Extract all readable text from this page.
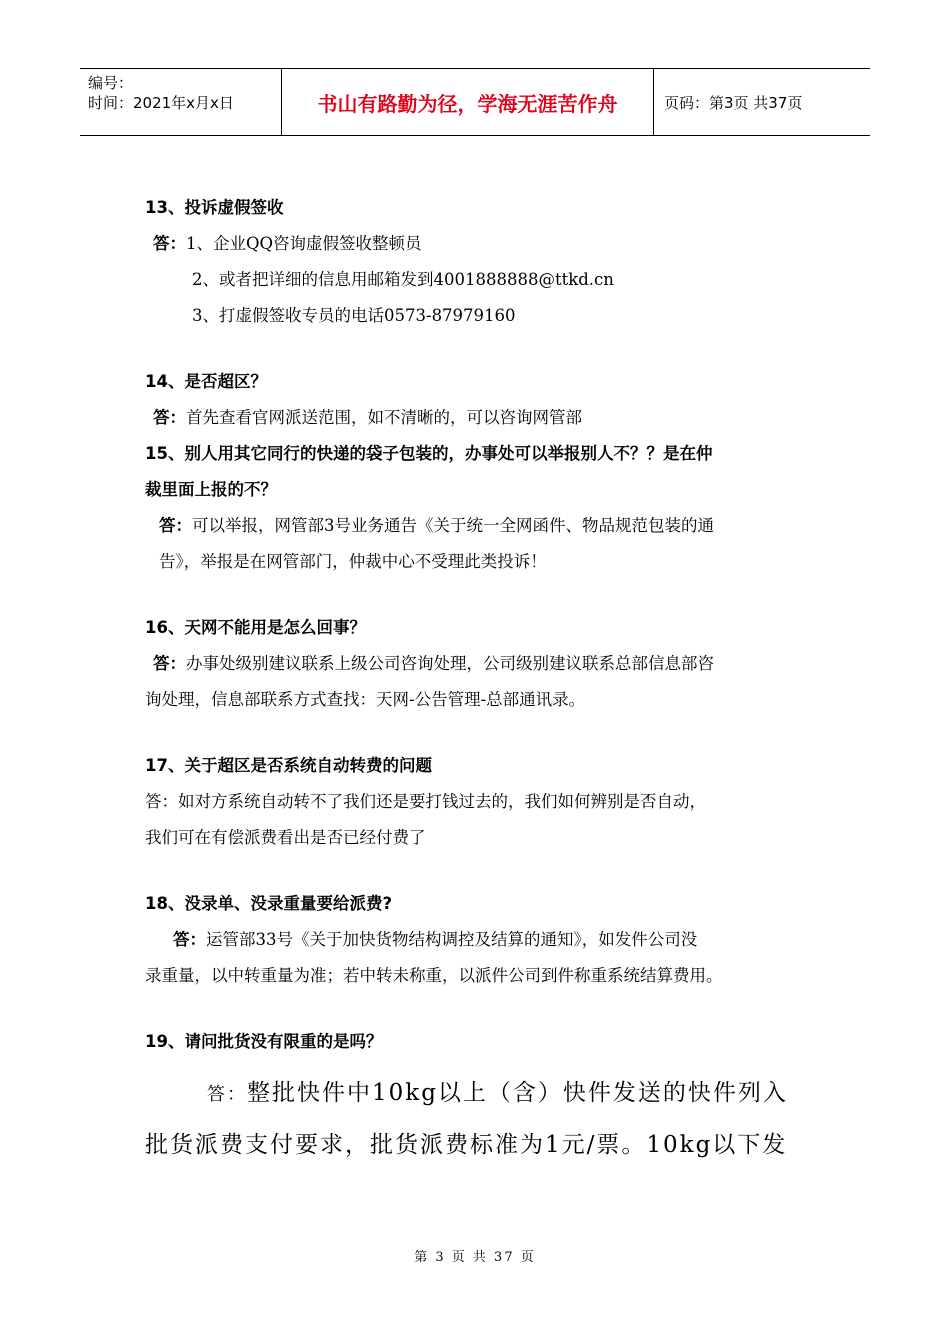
编号：
时间：2021年x月x日	书山有路勤为径，学海无涯苦作舟	页码：第3页 共37页

13、投诉虚假签收

答：1、企业QQ咨询虚假签收整顿员

2、或者把详细的信息用邮箱发到4001888888@ttkd.cn

3、打虚假签收专员的电话0573-87979160

14、是否超区？

答：首先查看官网派送范围，如不清晰的，可以咨询网管部

15、别人用其它同行的快递的袋子包装的，办事处可以举报别人不？？是在仲

裁里面上报的不？

答：可以举报，网管部3号业务通告《关于统一全网函件、物品规范包装的通

告》，举报是在网管部门，仲裁中心不受理此类投诉！

16、天网不能用是怎么回事？

答：办事处级别建议联系上级公司咨询处理，公司级别建议联系总部信息部咨

询处理，信息部联系方式查找：天网-公告管理-总部通讯录。

17、关于超区是否系统自动转费的问题

答：如对方系统自动转不了我们还是要打钱过去的，我们如何辨别是否自动，

我们可在有偿派费看出是否已经付费了

18、没录单、没录重量要给派费?

答：运管部33号《关于加快货物结构调控及结算的通知》，如发件公司没

录重量，以中转重量为准；若中转未称重，以派件公司到件称重系统结算费用。

19、请问批货没有限重的是吗？

答：整批快件中10kg以上（含）快件发送的快件列入

批货派费支付要求，批货派费标准为1元/票。10kg以下发

第 3 页 共 37 页
